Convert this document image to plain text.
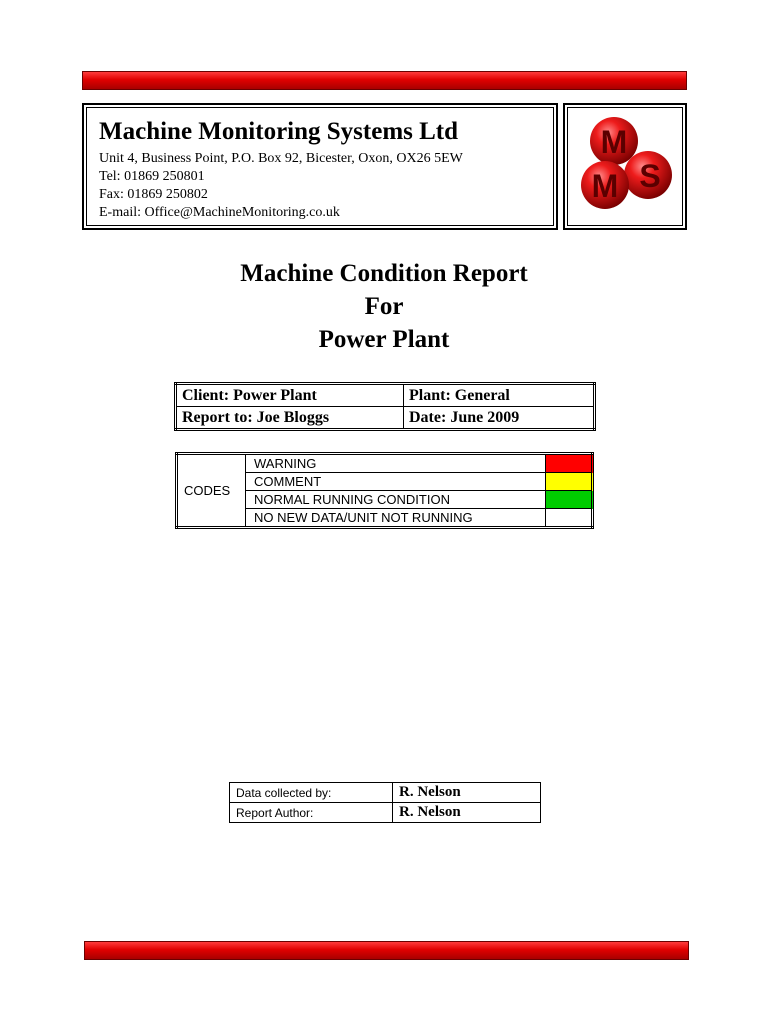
Machine Monitoring Systems Ltd
Unit 4, Business Point, P.O. Box 92, Bicester, Oxon, OX26 5EW
Tel: 01869 250801
Fax: 01869 250802
E-mail: Office@MachineMonitoring.co.uk
M
M S
Machine Condition Report
For
Power Plant
Client: Power Plant	Plant: General
Report to: Joe Bloggs	Date: June 2009
CODES	WARNING	
	COMMENT	
	NORMAL RUNNING CONDITION	
	NO NEW DATA/UNIT NOT RUNNING	
Data collected by:	R. Nelson
Report Author:	R. Nelson
